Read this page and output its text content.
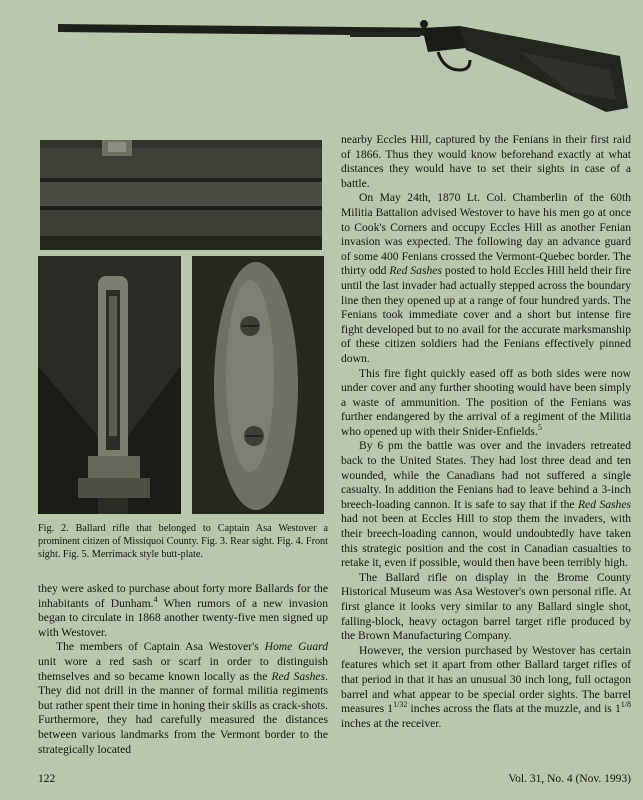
Fig. 2. Ballard rifle that belonged to Captain Asa Westover a prominent citizen of Missiquoi County. Fig. 3. Rear sight. Fig. 4. Front sight. Fig. 5. Merrimack style butt-plate.

they were asked to purchase about forty more Ballards for the inhabitants of Dunham.$^4$ When rumors of a new invasion began to circulate in 1868 another twenty-five men signed up with Westover.

The members of Captain Asa Westover's Home Guard unit wore a red sash or scarf in order to distinguish themselves and so became known locally as the Red Sashes. They did not drill in the manner of formal militia regiments but rather spent their time in honing their skills as crack-shots. Furthermore, they had carefully measured the distances between various landmarks from the Vermont border to the strategically located

nearby Eccles Hill, captured by the Fenians in their first raid of 1866. Thus they would know beforehand exactly at what distances they would have to set their sights in case of a battle.

On May 24th, 1870 Lt. Col. Chamberlin of the 60th Militia Battalion advised Westover to have his men go at once to Cook's Corners and occupy Eccles Hill as another Fenian invasion was expected. The following day an advance guard of some 400 Fenians crossed the Vermont-Quebec border. The thirty odd Red Sashes posted to hold Eccles Hill held their fire until the last invader had actually stepped across the boundary line then they opened up at a range of four hundred yards. The Fenians took immediate cover and a short but intense fire fight developed but to no avail for the accurate marksmanship of these citizen soldiers had the Fenians effectively pinned down.

This fire fight quickly eased off as both sides were now under cover and any further shooting would have been simply a waste of ammunition. The position of the Fenians was further endangered by the arrival of a regiment of the Militia who opened up with their Snider-Enfields.$^5$

By 6 pm the battle was over and the invaders retreated back to the United States. They had lost three dead and ten wounded, while the Canadians had not suffered a single casualty. In addition the Fenians had to leave behind a 3-inch breech-loading cannon. It is safe to say that if the Red Sashes had not been at Eccles Hill to stop them the invaders, with their breech-loading cannon, would undoubtedly have taken this strategic position and the cost in Canadian casualties to retake it, even if possible, would then have been terribly high.

The Ballard rifle on display in the Brome County Historical Museum was Asa Westover's own personal rifle. At first glance it looks very similar to any Ballard single shot, falling-block, heavy octagon barrel target rifle produced by the Brown Manufacturing Company.

However, the version purchased by Westover has certain features which set it apart from other Ballard target rifles of that period in that it has an unusual 30 inch long, full octagon barrel and what appear to be special order sights. The barrel measures $1^{1/32}$ inches across the flats at the muzzle, and is $1^{1/8}$ inches at the receiver.

122	Vol. 31, No. 4 (Nov. 1993)
